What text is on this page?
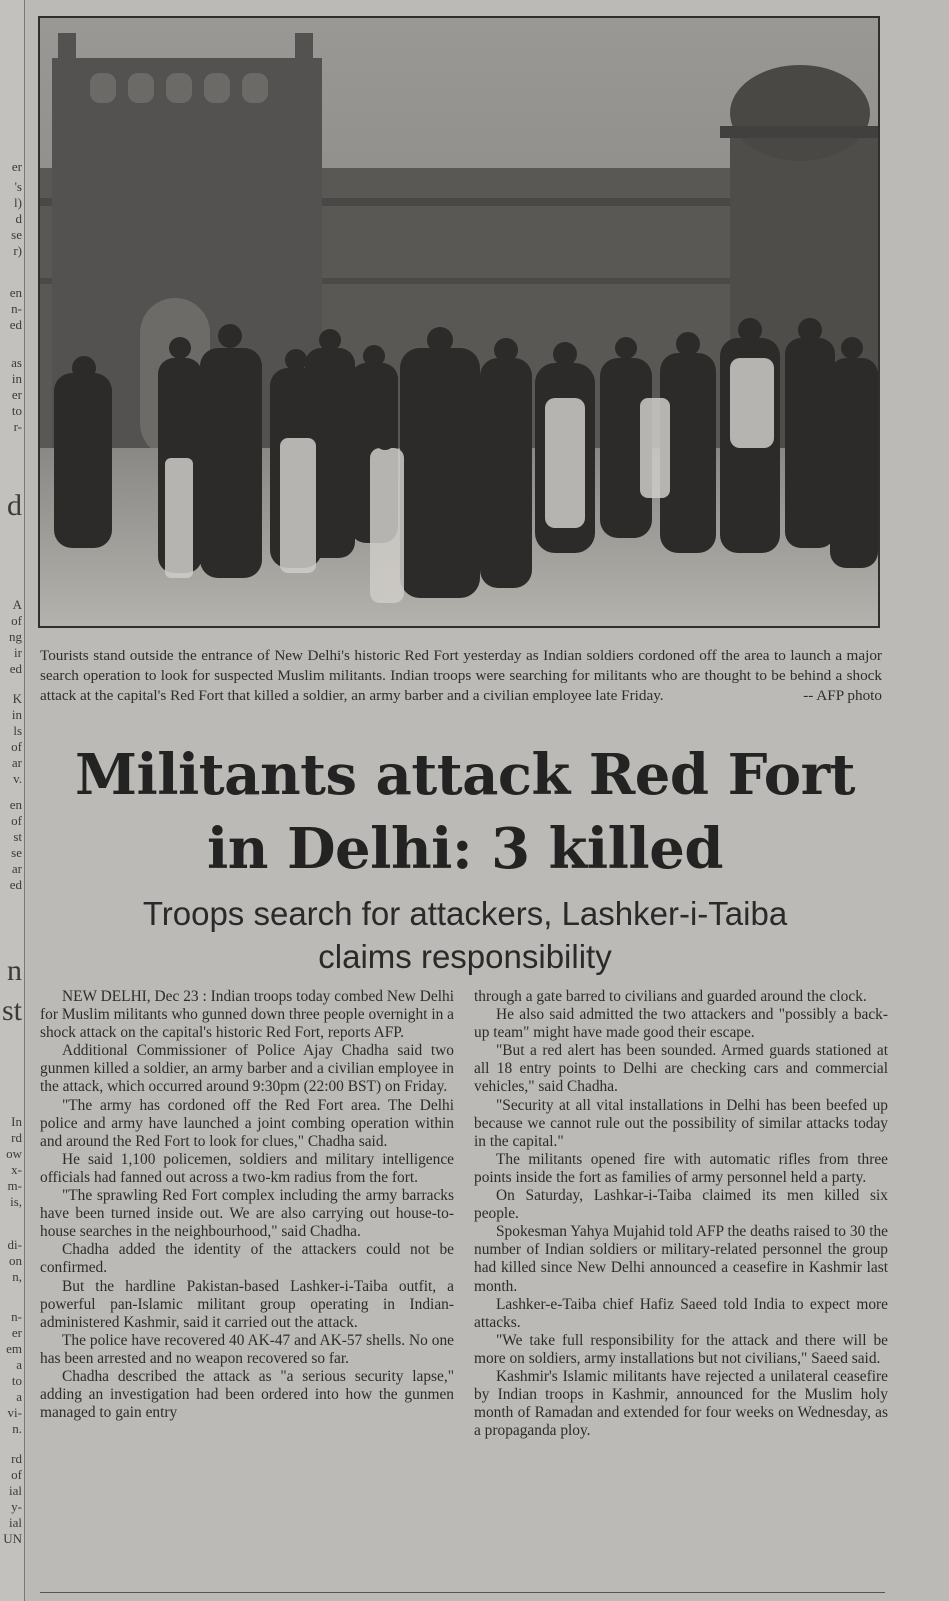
er
's
l)
d
se
r)
en
n-
ed
as
in
er
to
r-
d
A
of
ng
ir
ed
K
in
ls
of
ar
v.
en
of
st
se
ar
ed
n
st
In
rd
ow
x-
m-
is,
di-
on
n,
n-
er
em
a
to
a
vi-
n.
rd
of
ial
y-
ial
UN
Tourists stand outside the entrance of New Delhi's historic Red Fort yesterday as Indian soldiers cordoned off the area to launch a major search operation to look for suspected Muslim militants. Indian troops were searching for militants who are thought to be behind a shock attack at the capital's Red Fort that killed a soldier, an army barber and a civilian employee late Friday.	-- AFP photo
Militants attack Red Fort
in Delhi: 3 killed
Troops search for attackers, Lashker-i-Taiba
claims responsibility

NEW DELHI, Dec 23 : Indian troops today combed New Delhi for Muslim militants who gunned down three people overnight in a shock attack on the capital's historic Red Fort, reports AFP.

Additional Commissioner of Police Ajay Chadha said two gunmen killed a soldier, an army barber and a civilian employee in the attack, which occurred around 9:30pm (22:00 BST) on Friday.

"The army has cordoned off the Red Fort area. The Delhi police and army have launched a joint combing operation within and around the Red Fort to look for clues," Chadha said.

He said 1,100 policemen, soldiers and military intelligence officials had fanned out across a two-km radius from the fort.

"The sprawling Red Fort complex including the army barracks have been turned inside out. We are also carrying out house-to-house searches in the neighbourhood," said Chadha.

Chadha added the identity of the attackers could not be confirmed.

But the hardline Pakistan-based Lashker-i-Taiba outfit, a powerful pan-Islamic militant group operating in Indian-administered Kashmir, said it carried out the attack.

The police have recovered 40 AK-47 and AK-57 shells. No one has been arrested and no weapon recovered so far.

Chadha described the attack as "a serious security lapse," adding an investigation had been ordered into how the gunmen managed to gain entry

through a gate barred to civilians and guarded around the clock.

He also said admitted the two attackers and "possibly a back-up team" might have made good their escape.

"But a red alert has been sounded. Armed guards stationed at all 18 entry points to Delhi are checking cars and commercial vehicles," said Chadha.

"Security at all vital installations in Delhi has been beefed up because we cannot rule out the possibility of similar attacks today in the capital."

The militants opened fire with automatic rifles from three points inside the fort as families of army personnel held a party.

On Saturday, Lashkar-i-Taiba claimed its men killed six people.

Spokesman Yahya Mujahid told AFP the deaths raised to 30 the number of Indian soldiers or military-related personnel the group had killed since New Delhi announced a ceasefire in Kashmir last month.

Lashker-e-Taiba chief Hafiz Saeed told India to expect more attacks.

"We take full responsibility for the attack and there will be more on soldiers, army installations but not civilians," Saeed said.

Kashmir's Islamic militants have rejected a unilateral ceasefire by Indian troops in Kashmir, announced for the Muslim holy month of Ramadan and extended for four weeks on Wednesday, as a propaganda ploy.
